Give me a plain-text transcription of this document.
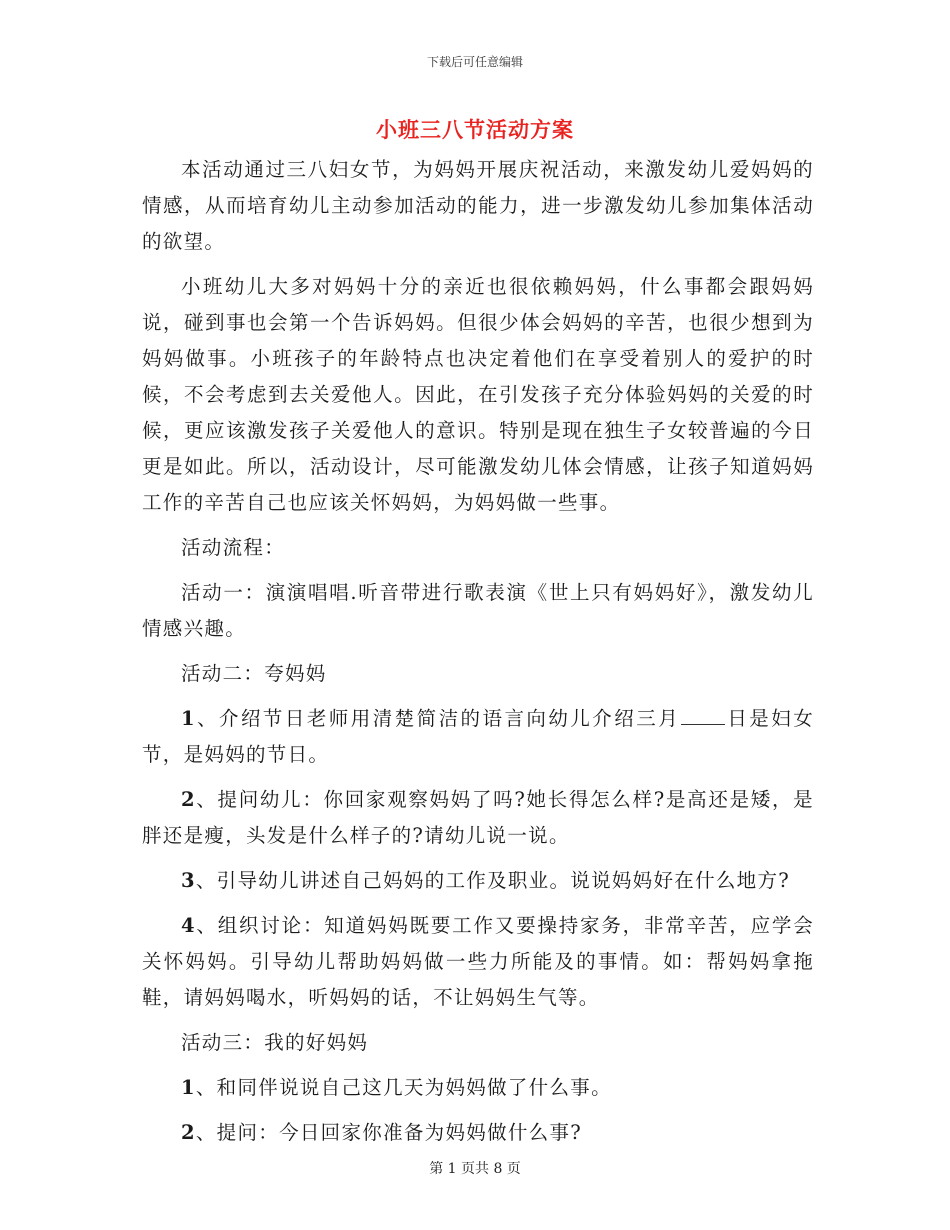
下载后可任意编辑
小班三八节活动方案

本活动通过三八妇女节，为妈妈开展庆祝活动，来激发幼儿爱妈妈的情感，从而培育幼儿主动参加活动的能力，进一步激发幼儿参加集体活动的欲望。

小班幼儿大多对妈妈十分的亲近也很依赖妈妈，什么事都会跟妈妈说，碰到事也会第一个告诉妈妈。但很少体会妈妈的辛苦，也很少想到为妈妈做事。小班孩子的年龄特点也决定着他们在享受着别人的爱护的时候，不会考虑到去关爱他人。因此，在引发孩子充分体验妈妈的关爱的时候，更应该激发孩子关爱他人的意识。特别是现在独生子女较普遍的今日更是如此。所以，活动设计，尽可能激发幼儿体会情感，让孩子知道妈妈工作的辛苦自己也应该关怀妈妈，为妈妈做一些事。

活动流程：

活动一：演演唱唱.听音带进行歌表演《世上只有妈妈好》，激发幼儿情感兴趣。

活动二：夸妈妈

1、介绍节日老师用清楚简洁的语言向幼儿介绍三月 日是妇女节，是妈妈的节日。

2、提问幼儿：你回家观察妈妈了吗?她长得怎么样?是高还是矮，是胖还是瘦，头发是什么样子的?请幼儿说一说。

3、引导幼儿讲述自己妈妈的工作及职业。说说妈妈好在什么地方?

4、组织讨论：知道妈妈既要工作又要操持家务，非常辛苦，应学会关怀妈妈。引导幼儿帮助妈妈做一些力所能及的事情。如：帮妈妈拿拖鞋，请妈妈喝水，听妈妈的话，不让妈妈生气等。

活动三：我的好妈妈

1、和同伴说说自己这几天为妈妈做了什么事。

2、提问：今日回家你准备为妈妈做什么事?

第 1 页共 8 页
